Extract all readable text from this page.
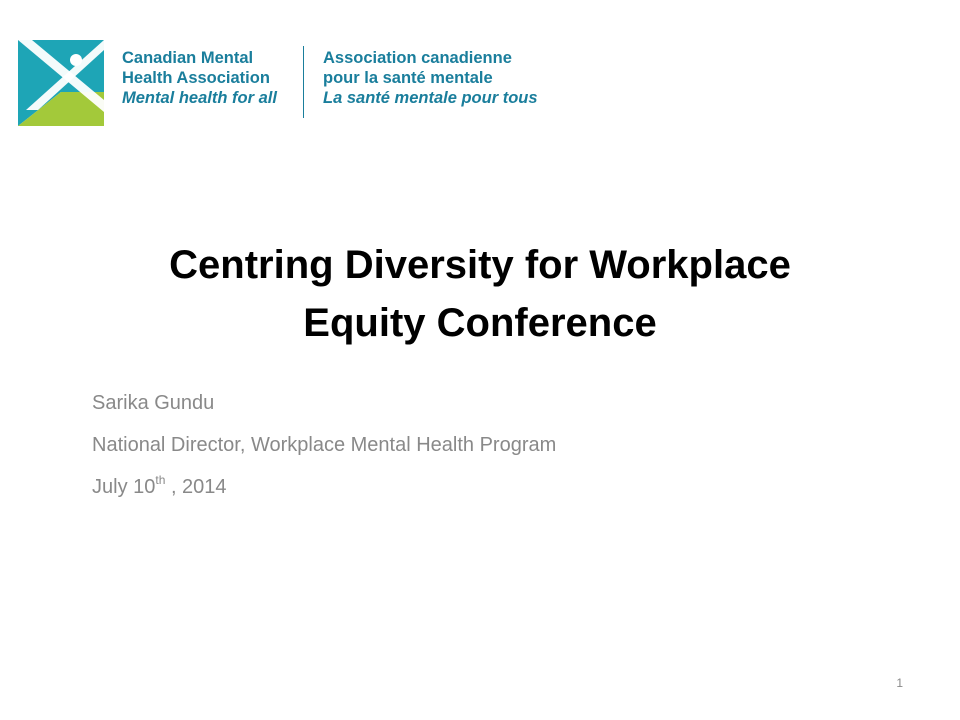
Canadian Mental
Health Association
Mental health for all
Association canadienne
pour la santé mentale
La santé mentale pour tous
Centring Diversity for Workplace
Equity Conference
Sarika Gundu
National Director, Workplace Mental Health Program
July 10th , 2014
1
